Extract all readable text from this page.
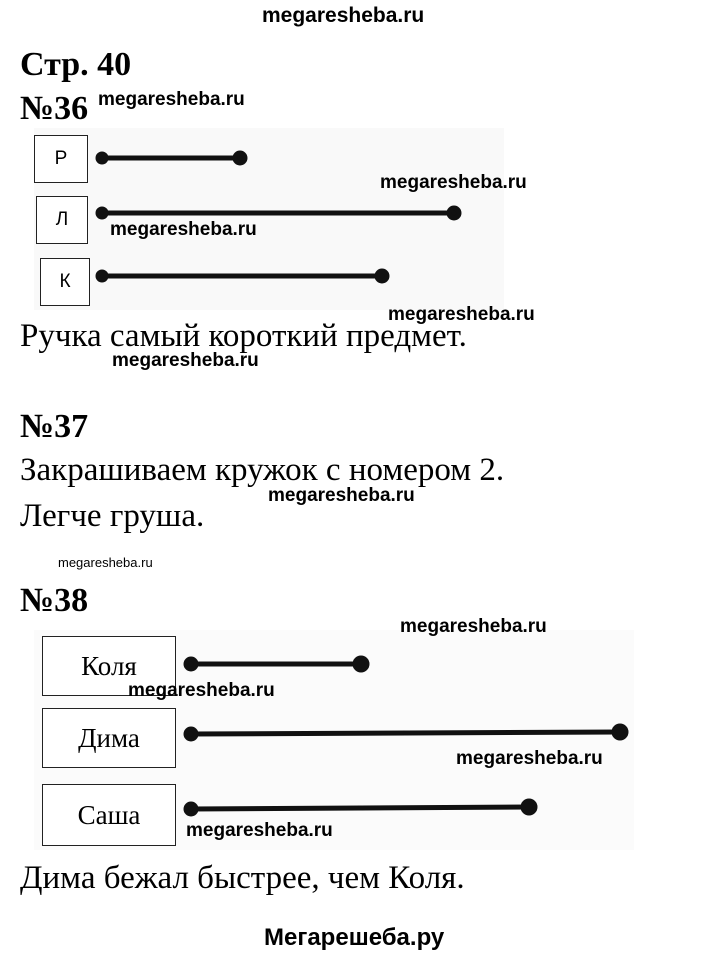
megaresheba.ru
Стр. 40
№36
Р
Л
К
Ручка самый короткий предмет.
№37
Закрашиваем кружок с номером 2.
Легче груша.
№38
Коля
Дима
Саша
Дима бежал быстрее, чем Коля.
megaresheba.ru
megaresheba.ru
megaresheba.ru
megaresheba.ru
megaresheba.ru
megaresheba.ru
megaresheba.ru
megaresheba.ru
megaresheba.ru
megaresheba.ru
megaresheba.ru
Мегарешеба.ру
